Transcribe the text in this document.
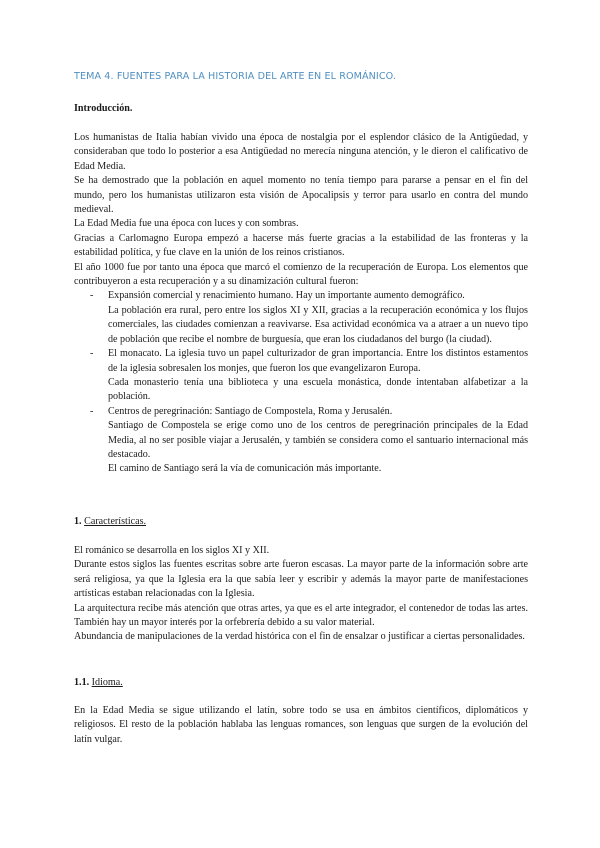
TEMA 4. FUENTES PARA LA HISTORIA DEL ARTE EN EL ROMÁNICO.
Introducción.

Los humanistas de Italia habían vivido una época de nostalgia por el esplendor clásico de la Antigüedad, y consideraban que todo lo posterior a esa Antigüedad no merecía ninguna atención, y le dieron el calificativo de Edad Media.

Se ha demostrado que la población en aquel momento no tenía tiempo para pararse a pensar en el fin del mundo, pero los humanistas utilizaron esta visión de Apocalipsis y terror para usarlo en contra del mundo medieval.

La Edad Media fue una época con luces y con sombras.

Gracias a Carlomagno Europa empezó a hacerse más fuerte gracias a la estabilidad de las fronteras y la estabilidad política, y fue clave en la unión de los reinos cristianos.

El año 1000 fue por tanto una época que marcó el comienzo de la recuperación de Europa. Los elementos que contribuyeron a esta recuperación y a su dinamización cultural fueron:

- Expansión comercial y renacimiento humano. Hay un importante aumento demográfico.

La población era rural, pero entre los siglos XI y XII, gracias a la recuperación económica y los flujos comerciales, las ciudades comienzan a reavivarse. Esa actividad económica va a atraer a un nuevo tipo de población que recibe el nombre de burguesía, que eran los ciudadanos del burgo (la ciudad).

- El monacato. La iglesia tuvo un papel culturizador de gran importancia. Entre los distintos estamentos de la iglesia sobresalen los monjes, que fueron los que evangelizaron Europa.

Cada monasterio tenía una biblioteca y una escuela monástica, donde intentaban alfabetizar a la población.

- Centros de peregrinación: Santiago de Compostela, Roma y Jerusalén.

Santiago de Compostela se erige como uno de los centros de peregrinación principales de la Edad Media, al no ser posible viajar a Jerusalén, y también se considera como el santuario internacional más destacado.

El camino de Santiago será la vía de comunicación más importante.

1. Características.

El románico se desarrolla en los siglos XI y XII.

Durante estos siglos las fuentes escritas sobre arte fueron escasas. La mayor parte de la información sobre arte será religiosa, ya que la Iglesia era la que sabía leer y escribir y además la mayor parte de manifestaciones artísticas estaban relacionadas con la Iglesia.

La arquitectura recibe más atención que otras artes, ya que es el arte integrador, el contenedor de todas las artes. También hay un mayor interés por la orfebrería debido a su valor material.

Abundancia de manipulaciones de la verdad histórica con el fin de ensalzar o justificar a ciertas personalidades.

1.1. Idioma.

En la Edad Media se sigue utilizando el latín, sobre todo se usa en ámbitos científicos, diplomáticos y religiosos. El resto de la población hablaba las lenguas romances, son lenguas que surgen de la evolución del latín vulgar.
